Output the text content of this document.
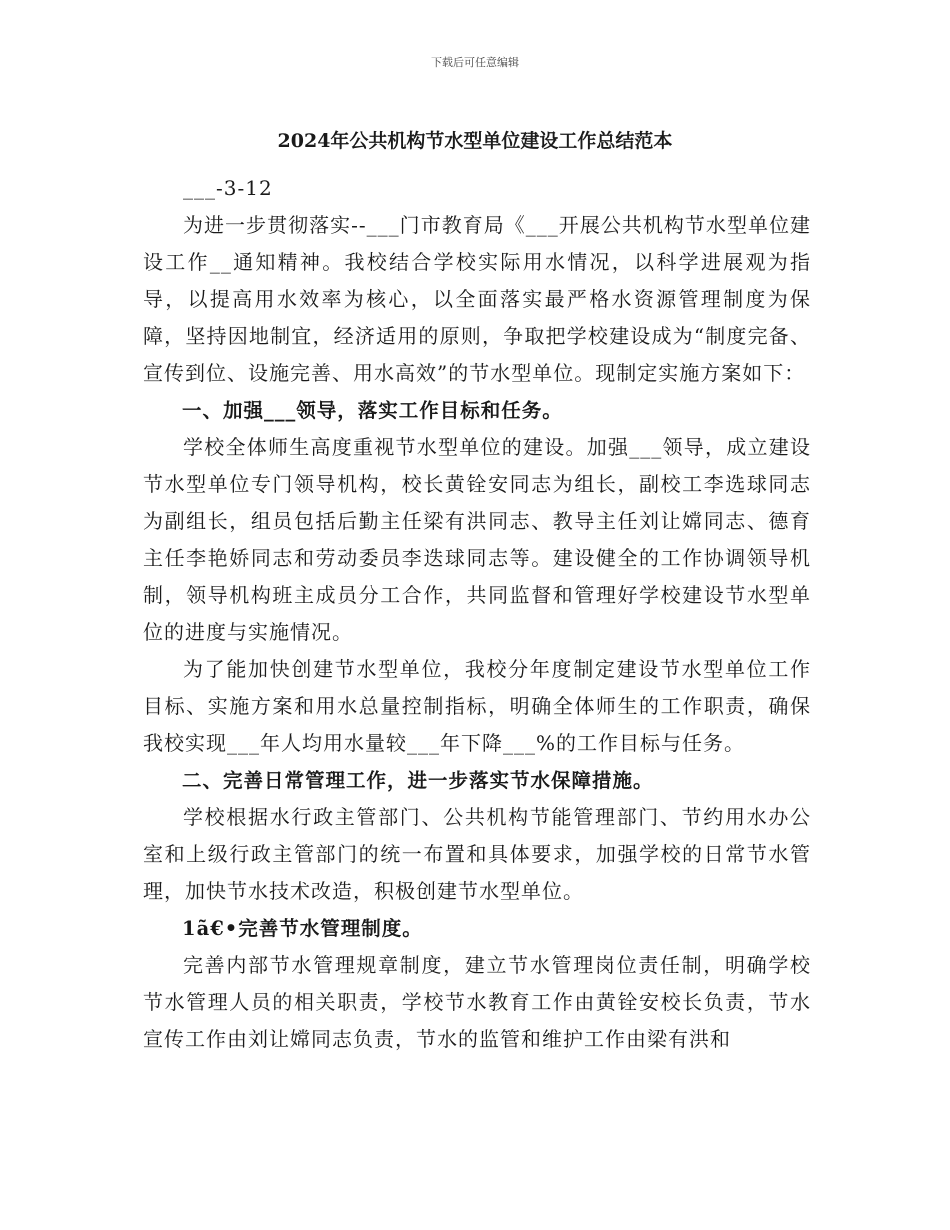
下载后可任意编辑
2024年公共机构节水型单位建设工作总结范本

___-3-12

为进一步贯彻落实--___门市教育局《___开展公共机构节水型单位建设工作__通知精神。我校结合学校实际用水情况，以科学进展观为指导，以提高用水效率为核心，以全面落实最严格水资源管理制度为保障，坚持因地制宜，经济适用的原则，争取把学校建设成为“制度完备、宣传到位、设施完善、用水高效”的节水型单位。现制定实施方案如下：

一、加强___领导，落实工作目标和任务。

学校全体师生高度重视节水型单位的建设。加强___领导，成立建设节水型单位专门领导机构，校长黄铨安同志为组长，副校工李选球同志为副组长，组员包括后勤主任梁有洪同志、教导主任刘让嫦同志、德育主任李艳娇同志和劳动委员李迭球同志等。建设健全的工作协调领导机制，领导机构班主成员分工合作，共同监督和管理好学校建设节水型单位的进度与实施情况。

为了能加快创建节水型单位，我校分年度制定建设节水型单位工作目标、实施方案和用水总量控制指标，明确全体师生的工作职责，确保我校实现___年人均用水量较___年下降___%的工作目标与任务。

二、完善日常管理工作，进一步落实节水保障措施。

学校根据水行政主管部门、公共机构节能管理部门、节约用水办公室和上级行政主管部门的统一布置和具体要求，加强学校的日常节水管理，加快节水技术改造，积极创建节水型单位。

1ã€•完善节水管理制度。

完善内部节水管理规章制度，建立节水管理岗位责任制，明确学校节水管理人员的相关职责，学校节水教育工作由黄铨安校长负责，节水宣传工作由刘让嫦同志负责，节水的监管和维护工作由梁有洪和
